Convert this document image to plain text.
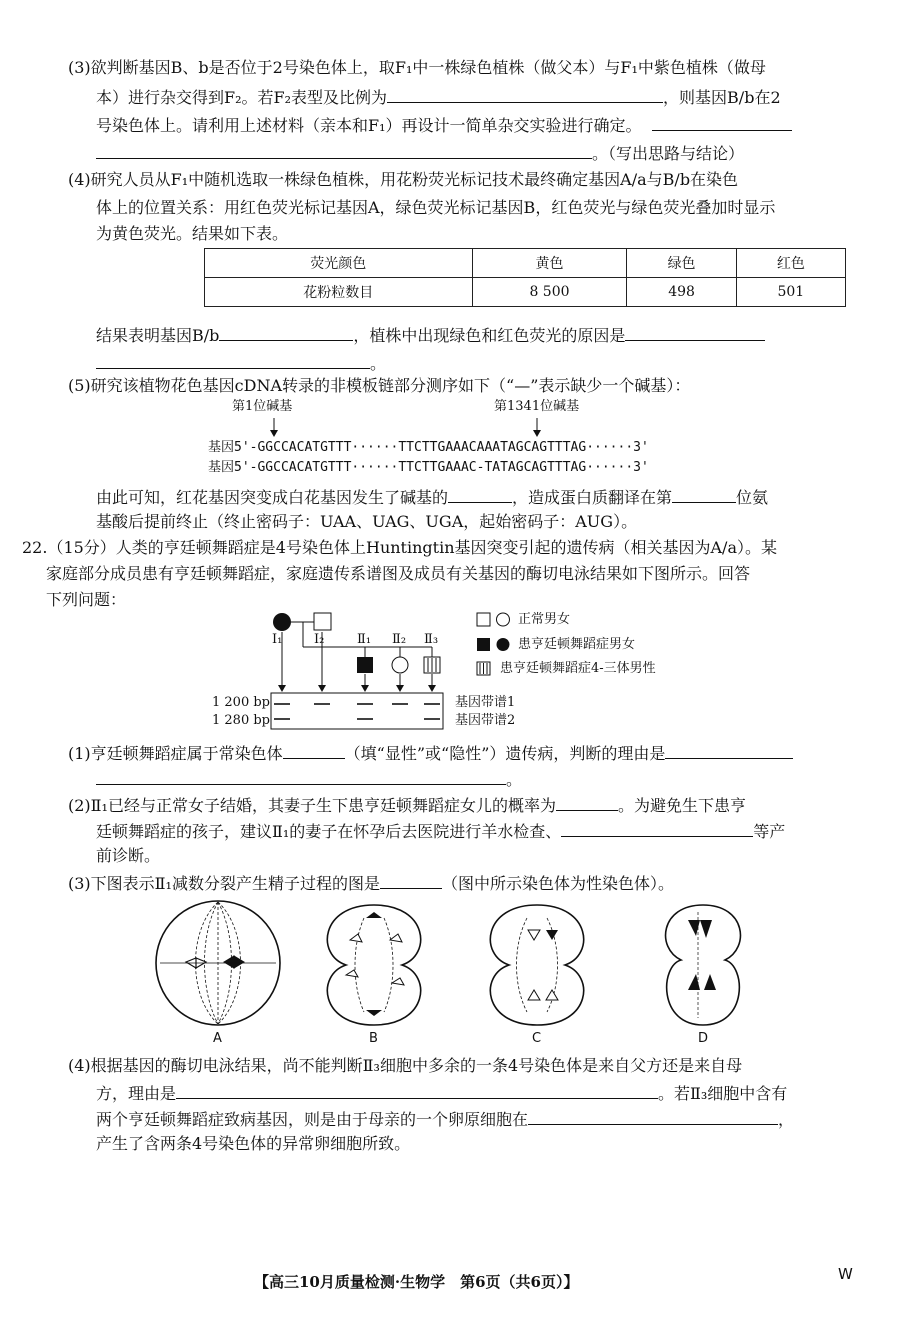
(3)欲判断基因B、b是否位于2号染色体上，取F₁中一株绿色植株（做父本）与F₁中紫色植株（做母
本）进行杂交得到F₂。若F₂表型及比例为	，则基因B/b在2
号染色体上。请利用上述材料（亲本和F₁）再设计一简单杂交实验进行确定。
。（写出思路与结论）
(4)研究人员从F₁中随机选取一株绿色植株，用花粉荧光标记技术最终确定基因A/a与B/b在染色
体上的位置关系：用红色荧光标记基因A，绿色荧光标记基因B，红色荧光与绿色荧光叠加时显示
为黄色荧光。结果如下表。
荧光颜色	黄色	绿色	红色
花粉粒数目	8 500	498	501
结果表明基因B/b	，植株中出现绿色和红色荧光的原因是
。
(5)研究该植物花色基因cDNA转录的非模板链部分测序如下（“—”表示缺少一个碱基）：
第1位碱基	第1341位碱基
基因5'-GGCCACATGTTT······TTCTTGAAACAAATAGCAGTTTAG······3'
基因5'-GGCCACATGTTT······TTCTTGAAAC-TATAGCAGTTTAG······3'
由此可知，红花基因突变成白花基因发生了碱基的	，造成蛋白质翻译在第	位氨
基酸后提前终止（终止密码子：UAA、UAG、UGA，起始密码子：AUG）。
22.（15分）人类的亨廷顿舞蹈症是4号染色体上Huntingtin基因突变引起的遗传病（相关基因为A/a）。某
家庭部分成员患有亨廷顿舞蹈症，家庭遗传系谱图及成员有关基因的酶切电泳结果如下图所示。回答
下列问题：
Ⅰ₁ Ⅰ₂	Ⅱ₁ Ⅱ₂ Ⅱ₃
正常男女
患亨廷顿舞蹈症男女
患亨廷顿舞蹈症4-三体男性
1 200 bp
1 280 bp
基因带谱1
基因带谱2
(1)亨廷顿舞蹈症属于常染色体	（填“显性”或“隐性”）遗传病，判断的理由是
。
(2)Ⅱ₁已经与正常女子结婚，其妻子生下患亨廷顿舞蹈症女儿的概率为	。为避免生下患亨
廷顿舞蹈症的孩子，建议Ⅱ₁的妻子在怀孕后去医院进行羊水检查、	等产
前诊断。
(3)下图表示Ⅱ₁减数分裂产生精子过程的图是	（图中所示染色体为性染色体）。
A	B	C	D
(4)根据基因的酶切电泳结果，尚不能判断Ⅱ₃细胞中多余的一条4号染色体是来自父方还是来自母
方，理由是	。若Ⅱ₃细胞中含有
两个亨廷顿舞蹈症致病基因，则是由于母亲的一个卵原细胞在	，
产生了含两条4号染色体的异常卵细胞所致。
【高三10月质量检测·生物学　第6页（共6页）】	W
